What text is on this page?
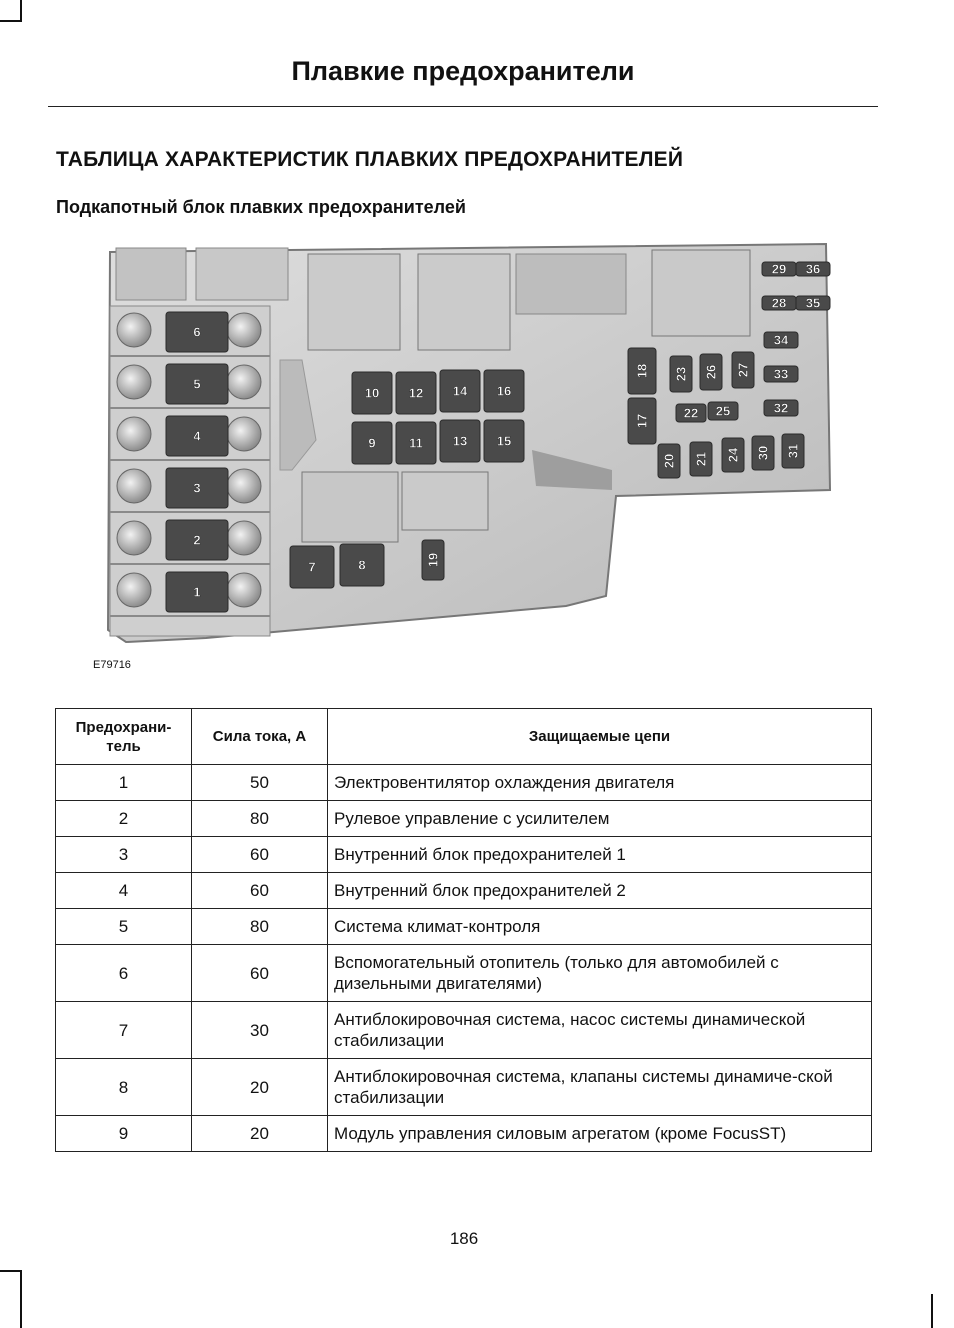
Плавкие предохранители
ТАБЛИЦА ХАРАКТЕРИСТИК ПЛАВКИХ ПРЕДОХРАНИТЕЛЕЙ
Подкапотный блок плавких предохранителей
1
2
3
4
5
6
7	8
9
10
11
12
13
14
15
16
17
18
19
20 21
22
23
24
25
26 27
28
29
30 31
32
33
34
35
36
E79716
Предохрани-тель	Сила тока, А	Защищаемые цепи
1	50	Электровентилятор охлаждения двигателя
2	80	Рулевое управление с усилителем
3	60	Внутренний блок предохранителей 1
4	60	Внутренний блок предохранителей 2
5	80	Система климат-контроля
6	60	Вспомогательный отопитель (только для автомобилей с дизельными двигателями)
7	30	Антиблокировочная система, насос системы динамической стабилизации
8	20	Антиблокировочная система, клапаны системы динамиче-ской стабилизации
9	20	Модуль управления силовым агрегатом (кроме FocusST)
186
